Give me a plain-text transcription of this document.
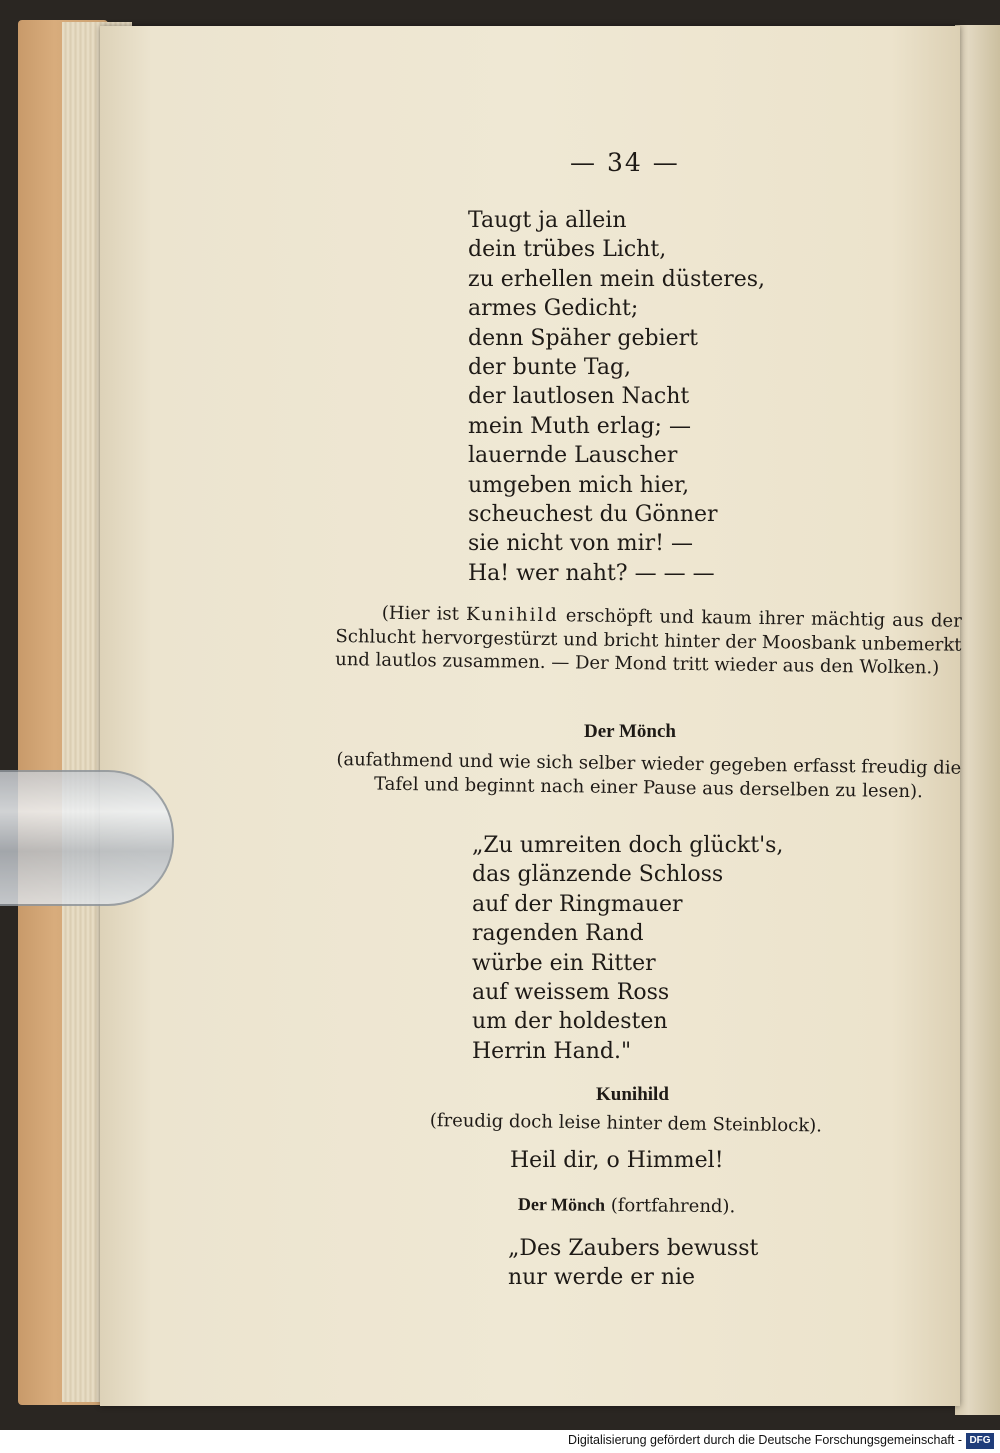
— 34 —
Taugt ja allein
dein trübes Licht,
zu erhellen mein düsteres,
armes Gedicht;
denn Späher gebiert
der bunte Tag,
der lautlosen Nacht
mein Muth erlag; —
lauernde Lauscher
umgeben mich hier,
scheuchest du Gönner
sie nicht von mir! —
Ha! wer naht? — — —
(Hier ist Kunihild erschöpft und kaum ihrer mächtig aus der Schlucht hervorgestürzt und bricht hinter der Moosbank unbemerkt und lautlos zusammen. — Der Mond tritt wieder aus den Wolken.)
Der Mönch
(aufathmend und wie sich selber wieder gegeben erfasst freudig die Tafel und beginnt nach einer Pause aus derselben zu lesen).
„Zu umreiten doch glückt's,
das glänzende Schloss
auf der Ringmauer
ragenden Rand
würbe ein Ritter
auf weissem Ross
um der holdesten
Herrin Hand."
Kunihild
(freudig doch leise hinter dem Steinblock).
Heil dir, o Himmel!
Der Mönch (fortfahrend).
„Des Zaubers bewusst
nur werde er nie
Digitalisierung gefördert durch die Deutsche Forschungsgemeinschaft - DFG
